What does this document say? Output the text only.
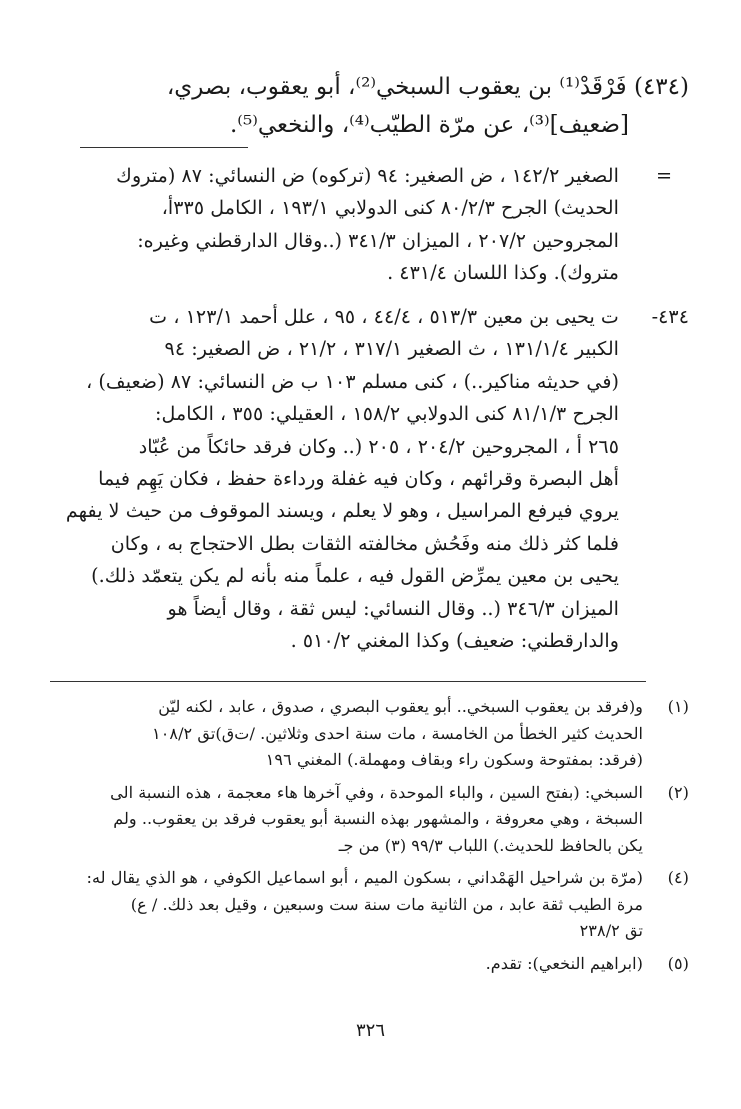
(٤٣٤) فَرْقَدْ⁽¹⁾ بن يعقوب السبخي⁽²⁾، أبو يعقوب، بصري،
[ضعيف]⁽³⁾، عن مرّة الطيّب⁽⁴⁾، والنخعي⁽⁵⁾.
الصغير ١٤٢/٢ ، ض الصغير: ٩٤ (تركوه) ض النسائي: ٨٧ (متروك
الحديث) الجرح ٨٠/٢/٣ كنى الدولابي ١٩٣/١ ، الكامل ٣٣٥أ،
المجروحين ٢٠٧/٢ ، الميزان ٣٤١/٣ (..وقال الدارقطني وغيره:
متروك). وكذا اللسان ٤٣١/٤ .
=
ت يحيى بن معين ٥١٣/٣ ، ٤٤/٤ ، ٩٥ ، علل أحمد ١٢٣/١ ، ت
الكبير ١٣١/١/٤ ، ث الصغير ٣١٧/١ ، ٢١/٢ ، ض الصغير: ٩٤
(في حديثه مناكير..) ، كنى مسلم ١٠٣ ب ض النسائي: ٨٧ (ضعيف) ،
الجرح ٨١/١/٣ كنى الدولابي ١٥٨/٢ ، العقيلي: ٣٥٥ ، الكامل:
٢٦٥ أ ، المجروحين ٢٠٤/٢ ، ٢٠٥ (.. وكان فرقد حائكاً من عُبّاد
أهل البصرة وقرائهم ، وكان فيه غفلة ورداءة حفظ ، فكان يَهِم فيما
يروي فيرفع المراسيل ، وهو لا يعلم ، ويسند الموقوف من حيث لا يفهم
فلما كثر ذلك منه وفَحُش مخالفته الثقات بطل الاحتجاج به ، وكان
يحيى بن معين يمرِّض القول فيه ، علماً منه بأنه لم يكن يتعمّد ذلك.)
الميزان ٣٤٦/٣ (.. وقال النسائي: ليس ثقة ، وقال أيضاً هو
والدارقطني: ضعيف) وكذا المغني ٥١٠/٢ .
٤٣٤-
(١)
و(فرقد بن يعقوب السبخي.. أبو يعقوب البصري ، صدوق ، عابد ، لكنه ليّن
الحديث كثير الخطأ من الخامسة ، مات سنة احدى وثلاثين. /ت‌ق)تق ١٠٨/٢
(فرقد: بمفتوحة وسكون راء وبقاف ومهملة.) المغني ١٩٦
(٢)
السبخي: (بفتح السين ، والباء الموحدة ، وفي آخرها هاء معجمة ، هذه النسبة الى
السبخة ، وهي معروفة ، والمشهور بهذه النسبة أبو يعقوب فرقد بن يعقوب.. ولم
يكن بالحافظ للحديث.) اللباب ٩٩/٣ (٣) من جـ
(٤)
(مرّة بن شراحيل الهَمْداني ، بسكون الميم ، أبو اسماعيل الكوفي ، هو الذي يقال له:
مرة الطيب ثقة عابد ، من الثانية مات سنة ست وسبعين ، وقيل بعد ذلك. / ع)
تق ٢٣٨/٢
(٥)
(ابراهيم النخعي): تقدم.
٣٢٦
